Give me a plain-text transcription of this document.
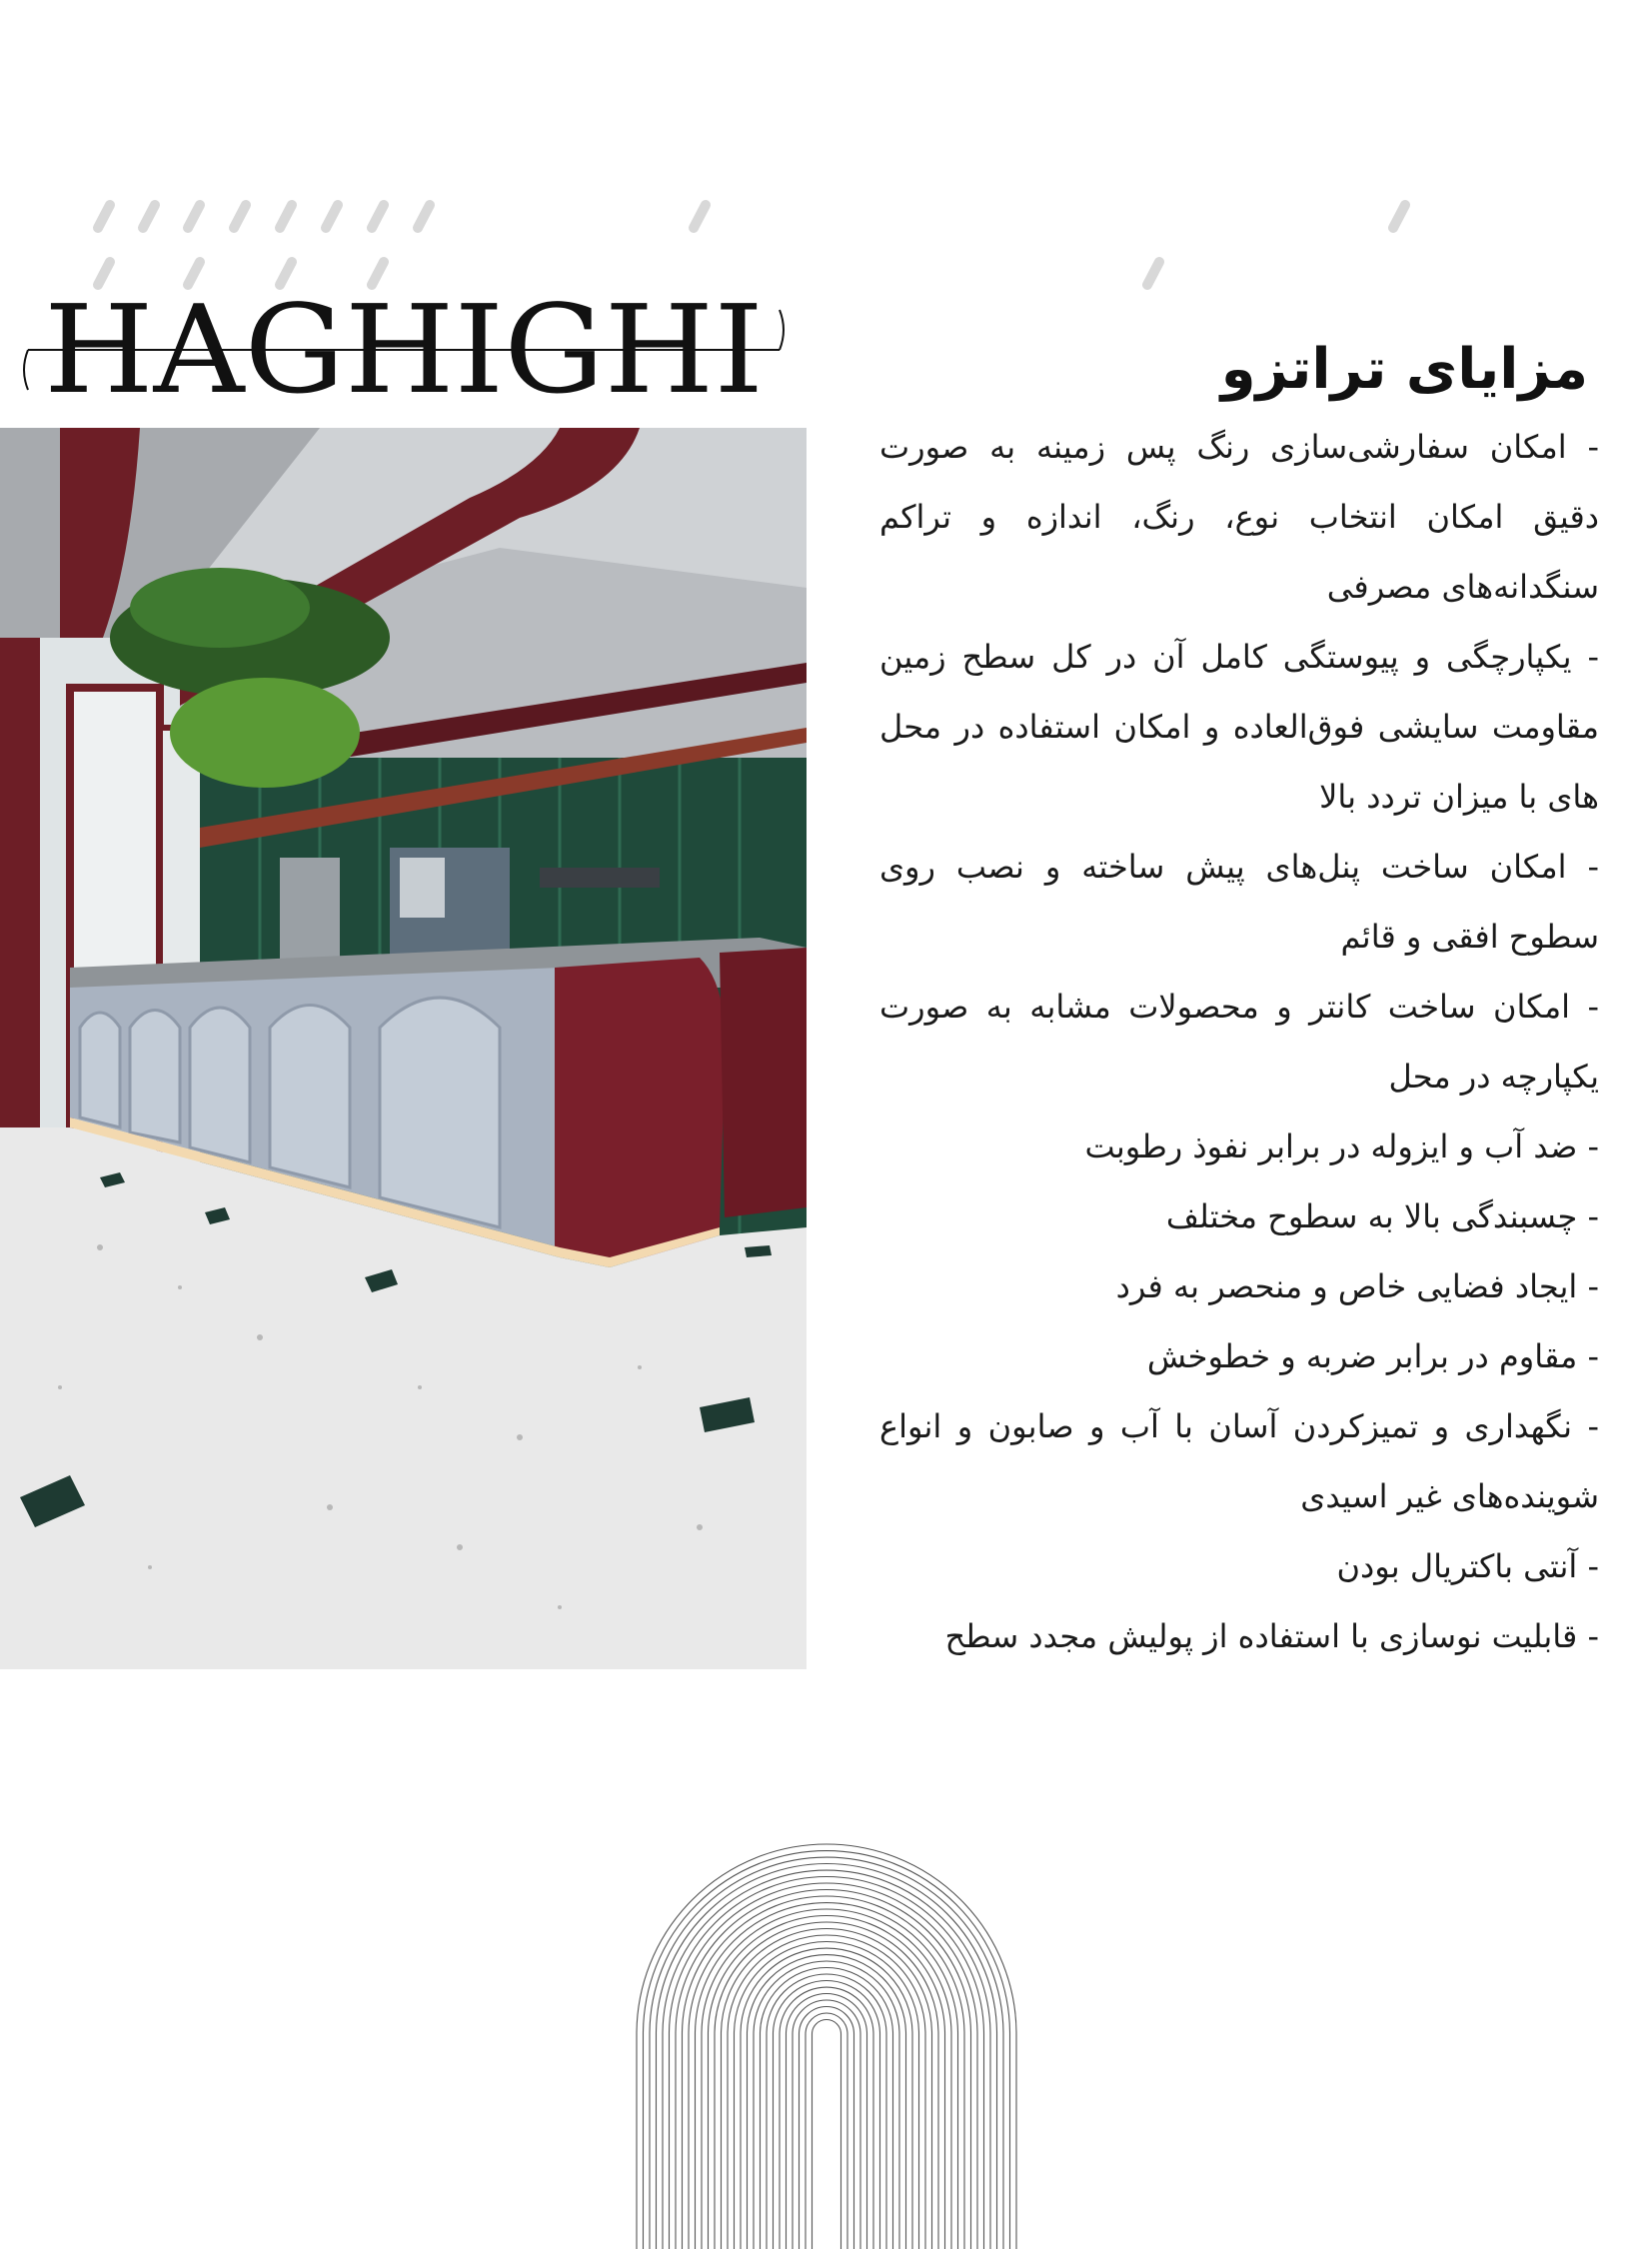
HAGHIGHI	مزایای تراتزو
- امکان سفارشی‌سازی رنگ پس زمینه به صورت دقیق امکان انتخاب نوع، رنگ، اندازه و تراکم سنگدانه‌های مصرفی
- یکپارچگی و پیوستگی کامل آن در کل سطح زمین مقاومت سایشی فوق‌العاده و امکان استفاده در محل های با میزان تردد بالا
- امکان ساخت پنل‌های پیش ساخته و نصب روی سطوح افقی و قائم
- امکان ساخت کانتر و محصولات مشابه به صورت یکپارچه در محل
- ضد آب و ایزوله در برابر نفوذ رطوبت
- چسبندگی بالا به سطوح مختلف
- ایجاد فضایی خاص و منحصر به فرد
- مقاوم در برابر ضربه و خطوخش
- نگهداری و تمیزکردن آسان با آب و صابون و انواع شوینده‌های غیر اسیدی
- آنتی باکتریال بودن
- قابلیت نوسازی با استفاده از پولیش مجدد سطح
